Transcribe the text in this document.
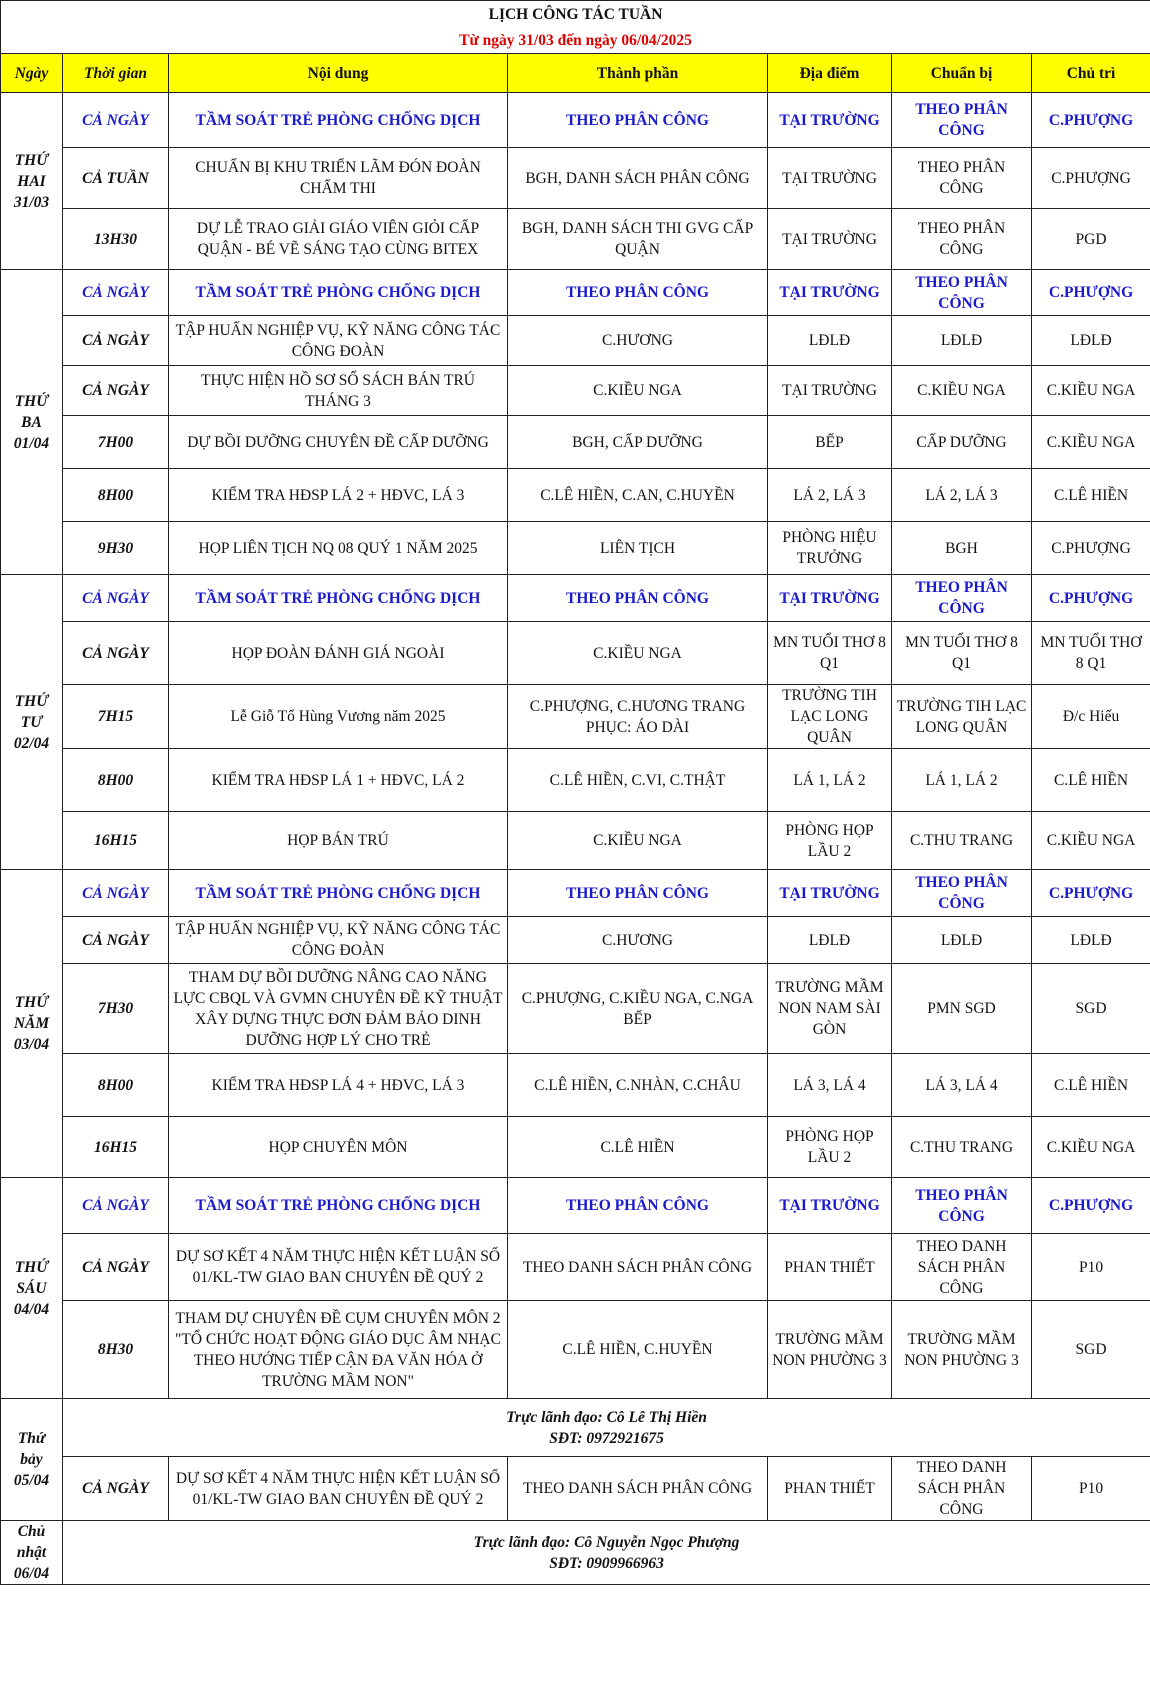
LỊCH CÔNG TÁC TUẦN						
Từ ngày 31/03 đến ngày 06/04/2025						
Ngày	Thời gian	Nội dung	Thành phần	Địa điểm	Chuẩn bị	Chủ trì
THỨ HAI 31/03	CẢ NGÀY	TẦM SOÁT TRẺ PHÒNG CHỐNG DỊCH	THEO PHÂN CÔNG	TẠI TRƯỜNG	THEO PHÂN CÔNG	C.PHƯỢNG
	CẢ TUẦN	CHUẨN BỊ KHU TRIỂN LÃM ĐÓN ĐOÀN CHẤM THI	BGH, DANH SÁCH PHÂN CÔNG	TẠI TRƯỜNG	THEO PHÂN CÔNG	C.PHƯỢNG
	13H30	DỰ LỄ TRAO GIẢI GIÁO VIÊN GIỎI CẤP QUẬN - BÉ VẼ SÁNG TẠO CÙNG BITEX	BGH, DANH SÁCH THI GVG CẤP QUẬN	TẠI TRƯỜNG	THEO PHÂN CÔNG	PGD
THỨ BA 01/04	CẢ NGÀY	TẦM SOÁT TRẺ PHÒNG CHỐNG DỊCH	THEO PHÂN CÔNG	TẠI TRƯỜNG	THEO PHÂN CÔNG	C.PHƯỢNG
	CẢ NGÀY	TẬP HUẤN NGHIỆP VỤ, KỸ NĂNG CÔNG TÁC CÔNG ĐOÀN	C.HƯƠNG	LĐLĐ	LĐLĐ	LĐLĐ
	CẢ NGÀY	THỰC HIỆN HỒ SƠ SỔ SÁCH BÁN TRÚ THÁNG 3	C.KIỀU NGA	TẠI TRƯỜNG	C.KIỀU NGA	C.KIỀU NGA
	7H00	DỰ BỒI DƯỠNG CHUYÊN ĐỀ CẤP DƯỠNG	BGH, CẤP DƯỠNG	BẾP	CẤP DƯỠNG	C.KIỀU NGA
	8H00	KIỂM TRA HĐSP LÁ 2 + HĐVC, LÁ 3	C.LÊ HIỀN, C.AN, C.HUYỀN	LÁ 2, LÁ 3	LÁ 2, LÁ 3	C.LÊ HIỀN
	9H30	HỌP LIÊN TỊCH NQ 08 QUÝ 1 NĂM 2025	LIÊN TỊCH	PHÒNG HIỆU TRƯỞNG	BGH	C.PHƯỢNG
THỨ TƯ 02/04	CẢ NGÀY	TẦM SOÁT TRẺ PHÒNG CHỐNG DỊCH	THEO PHÂN CÔNG	TẠI TRƯỜNG	THEO PHÂN CÔNG	C.PHƯỢNG
	CẢ NGÀY	HỌP ĐOÀN ĐÁNH GIÁ NGOÀI	C.KIỀU NGA	MN TUỔI THƠ 8 Q1	MN TUỔI THƠ 8 Q1	MN TUỔI THƠ 8 Q1
	7H15	Lễ Giỗ Tổ Hùng Vương năm 2025	C.PHƯỢNG, C.HƯƠNG TRANG PHỤC: ÁO DÀI	TRƯỜNG TIH LẠC LONG QUÂN	TRƯỜNG TIH LẠC LONG QUÂN	Đ/c Hiếu
	8H00	KIỂM TRA HĐSP LÁ 1 + HĐVC, LÁ 2	C.LÊ HIỀN, C.VI, C.THẬT	LÁ 1, LÁ 2	LÁ 1, LÁ 2	C.LÊ HIỀN
	16H15	HỌP BÁN TRÚ	C.KIỀU NGA	PHÒNG HỌP LẦU 2	C.THU TRANG	C.KIỀU NGA
THỨ NĂM 03/04	CẢ NGÀY	TẦM SOÁT TRẺ PHÒNG CHỐNG DỊCH	THEO PHÂN CÔNG	TẠI TRƯỜNG	THEO PHÂN CÔNG	C.PHƯỢNG
	CẢ NGÀY	TẬP HUẤN NGHIỆP VỤ, KỸ NĂNG CÔNG TÁC CÔNG ĐOÀN	C.HƯƠNG	LĐLĐ	LĐLĐ	LĐLĐ
	7H30	THAM DỰ BỒI DƯỠNG NÂNG CAO NĂNG LỰC CBQL VÀ GVMN CHUYÊN ĐỀ KỸ THUẬT XÂY DỰNG THỰC ĐƠN ĐẢM BẢO DINH DƯỠNG HỢP LÝ CHO TRẺ	C.PHƯỢNG, C.KIỀU NGA, C.NGA BẾP	TRƯỜNG MẦM NON NAM SÀI GÒN	PMN SGD	SGD
	8H00	KIỂM TRA HĐSP LÁ 4 + HĐVC, LÁ 3	C.LÊ HIỀN, C.NHÀN, C.CHÂU	LÁ 3, LÁ 4	LÁ 3, LÁ 4	C.LÊ HIỀN
	16H15	HỌP CHUYÊN MÔN	C.LÊ HIỀN	PHÒNG HỌP LẦU 2	C.THU TRANG	C.KIỀU NGA
THỨ SÁU 04/04	CẢ NGÀY	TẦM SOÁT TRẺ PHÒNG CHỐNG DỊCH	THEO PHÂN CÔNG	TẠI TRƯỜNG	THEO PHÂN CÔNG	C.PHƯỢNG
	CẢ NGÀY	DỰ SƠ KẾT 4 NĂM THỰC HIỆN KẾT LUẬN SỐ 01/KL-TW GIAO BAN CHUYÊN ĐỀ QUÝ 2	THEO DANH SÁCH PHÂN CÔNG	PHAN THIẾT	THEO DANH SÁCH PHÂN CÔNG	P10
	8H30	THAM DỰ CHUYÊN ĐỀ CỤM CHUYÊN MÔN 2 "TỔ CHỨC HOẠT ĐỘNG GIÁO DỤC ÂM NHẠC THEO HƯỚNG TIẾP CẬN ĐA VĂN HÓA Ở TRƯỜNG MẦM NON"	C.LÊ HIỀN, C.HUYỀN	TRƯỜNG MẦM NON PHƯỜNG 3	TRƯỜNG MẦM NON PHƯỜNG 3	SGD
Thứ bảy 05/04	Trực lãnh đạo: Cô Lê Thị Hiền
SĐT: 0972921675					

	CẢ NGÀY	DỰ SƠ KẾT 4 NĂM THỰC HIỆN KẾT LUẬN SỐ 01/KL-TW GIAO BAN CHUYÊN ĐỀ QUÝ 2	THEO DANH SÁCH PHÂN CÔNG	PHAN THIẾT	THEO DANH SÁCH PHÂN CÔNG	P10
Chủ nhật 06/04	Trực lãnh đạo: Cô Nguyễn Ngọc Phượng
SĐT: 0909966963					
